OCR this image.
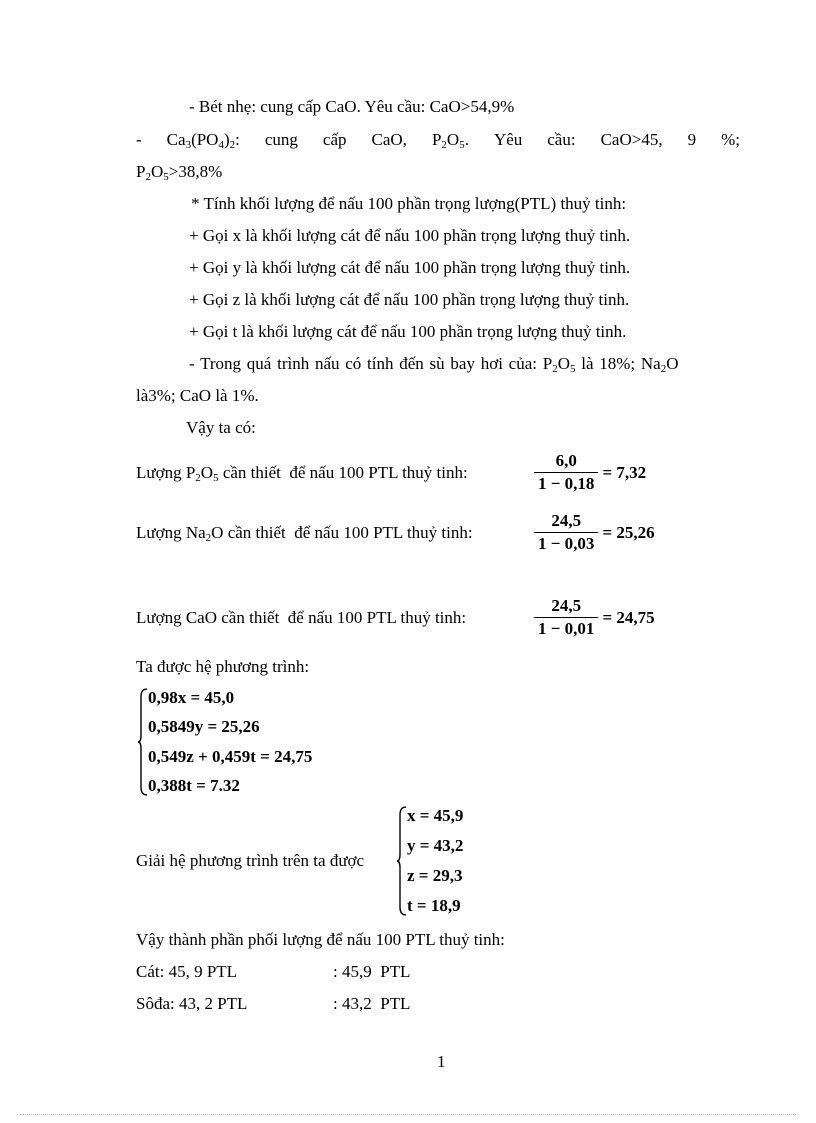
- Bét nhẹ: cung cấp CaO. Yêu cầu: CaO>54,9%
- $Ca_3(PO_4)_2$: cung cấp CaO, $P_2O_5$. Yêu cầu: CaO>45, 9 %;
$P_2O_5>38,8\%$
* Tính khối lượng để nấu 100 phần trọng lượng(PTL) thuỷ tinh:
+ Gọi x là khối lượng cát để nấu 100 phần trọng lượng thuỷ tinh.
+ Gọi y là khối lượng cát để nấu 100 phần trọng lượng thuỷ tinh.
+ Gọi z là khối lượng cát để nấu 100 phần trọng lượng thuỷ tinh.
+ Gọi t là khối lượng cát để nấu 100 phần trọng lượng thuỷ tinh.
- Trong quá trình nấu có tính đến sù bay hơi của: $P_2O_5$ là 18%; $Na_2O$
là3%; CaO là 1%.
Vậy ta có:
Lượng $P_2O_5$ cần thiết  để nấu 100 PTL thuỷ tinh:	$\frac{6,0}{1 - 0,18} = 7,32$
Lượng $Na_2O$ cần thiết  để nấu 100 PTL thuỷ tinh:	$\frac{24,5}{1 - 0,03} = 25,26$
Lượng CaO cần thiết  để nấu 100 PTL thuỷ tinh:	$\frac{24,5}{1 - 0,01} = 24,75$
Ta được hệ phương trình:
0,98x = 45,0
0,5849y = 25,26
0,549z + 0,459t = 24,75
0,388t = 7.32
Giải hệ phương trình trên ta được
x = 45,9
y = 43,2
z = 29,3
t = 18,9
Vậy thành phần phối lượng để nấu 100 PTL thuỷ tinh:
Cát: 45, 9 PTL	: 45,9  PTL
Sôđa: 43, 2 PTL	: 43,2  PTL
1
